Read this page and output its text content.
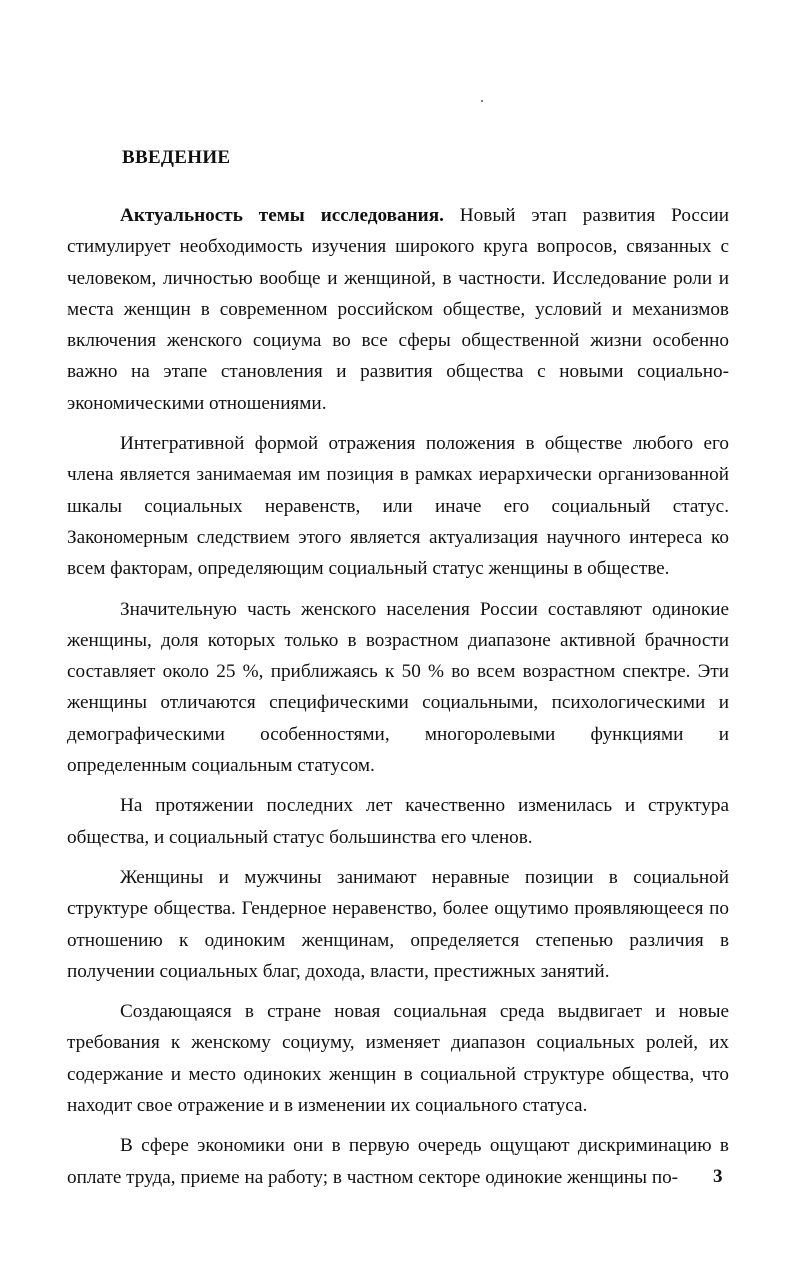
ВВЕДЕНИЕ

Актуальность темы исследования. Новый этап развития России стимулирует необходимость изучения широкого круга вопросов, связанных с человеком, личностью вообще и женщиной, в частности. Исследование роли и места женщин в современном российском обществе, условий и механизмов включения женского социума во все сферы общественной жизни особенно важно на этапе становления и развития общества с новыми социально-экономическими отношениями.

Интегративной формой отражения положения в обществе любого его члена является занимаемая им позиция в рамках иерархически организованной шкалы социальных неравенств, или иначе его социальный статус. Закономерным следствием этого является актуализация научного интереса ко всем факторам, определяющим социальный статус женщины в обществе.

Значительную часть женского населения России составляют одинокие женщины, доля которых только в возрастном диапазоне активной брачности составляет около 25 %, приближаясь к 50 % во всем возрастном спектре. Эти женщины отличаются специфическими социальными, психологическими и демографическими особенностями, многоролевыми функциями и определенным социальным статусом.

На протяжении последних лет качественно изменилась и структура общества, и социальный статус большинства его членов.

Женщины и мужчины занимают неравные позиции в социальной структуре общества. Гендерное неравенство, более ощутимо проявляющееся по отношению к одиноким женщинам, определяется степенью различия в получении социальных благ, дохода, власти, престижных занятий.

Создающаяся в стране новая социальная среда выдвигает и новые требования к женскому социуму, изменяет диапазон социальных ролей, их содержание и место одиноких женщин в социальной структуре общества, что находит свое отражение и в изменении их социального статуса.

В сфере экономики они в первую очередь ощущают дискриминацию в оплате труда, приеме на работу; в частном секторе одинокие женщины по-	3
